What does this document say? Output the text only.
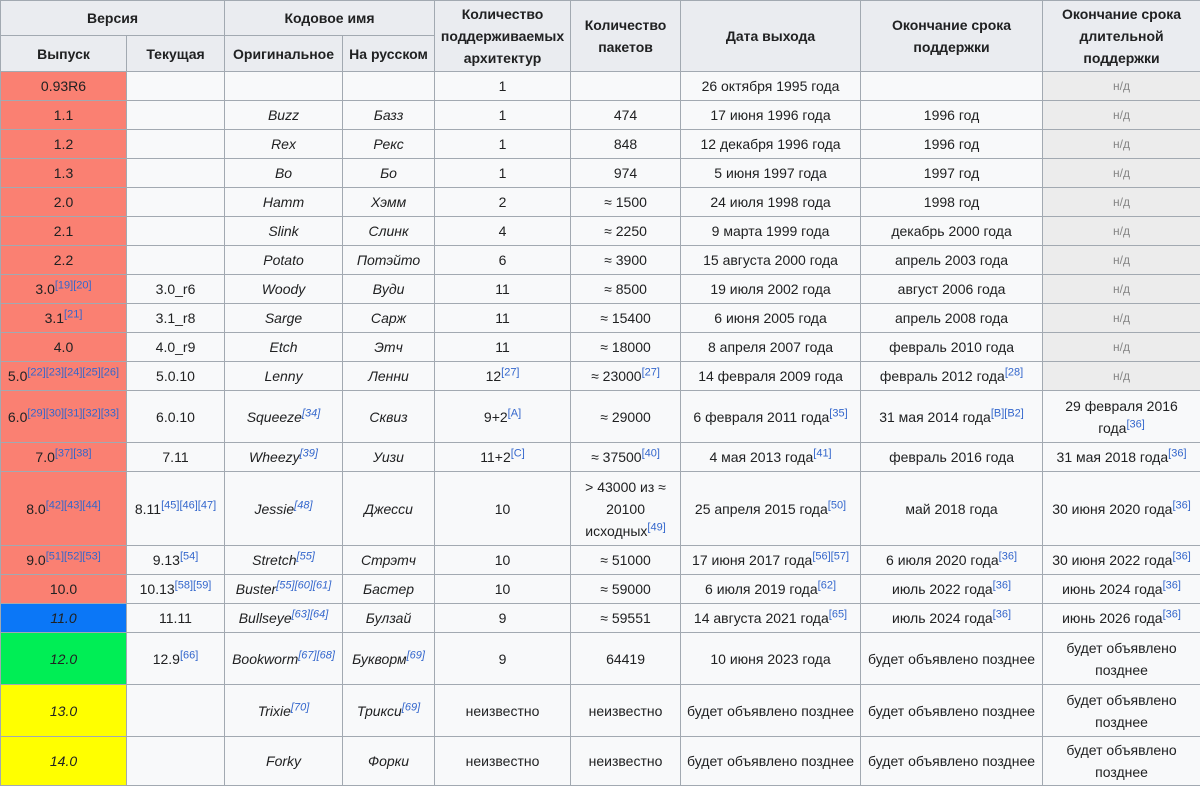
Версия		Кодовое имя		Количество поддерживаемых архитектур	Количество пакетов	Дата выхода	Окончание срока поддержки	Окончание срока длительной поддержки
Выпуск	Текущая	Оригинальное	На русском					
0.93R6				1		26 октября 1995 года		н/д
1.1		Buzz	Базз	1	474	17 июня 1996 года	1996 год	н/д
1.2		Rex	Рекс	1	848	12 декабря 1996 года	1996 год	н/д
1.3		Bo	Бо	1	974	5 июня 1997 года	1997 год	н/д
2.0		Hamm	Хэмм	2	≈ 1500	24 июля 1998 года	1998 год	н/д
2.1		Slink	Слинк	4	≈ 2250	9 марта 1999 года	декабрь 2000 года	н/д
2.2		Potato	Потэйто	6	≈ 3900	15 августа 2000 года	апрель 2003 года	н/д
3.0[19][20]	3.0_r6	Woody	Вуди	11	≈ 8500	19 июля 2002 года	август 2006 года	н/д
3.1[21]	3.1_r8	Sarge	Сарж	11	≈ 15400	6 июня 2005 года	апрель 2008 года	н/д
4.0	4.0_r9	Etch	Этч	11	≈ 18000	8 апреля 2007 года	февраль 2010 года	н/д
5.0[22][23][24][25][26]	5.0.10	Lenny	Ленни	12[27]	≈ 23000[27]	14 февраля 2009 года	февраль 2012 года[28]	н/д
6.0[29][30][31][32][33]	6.0.10	Squeeze[34]	Сквиз	9+2[A]	≈ 29000	6 февраля 2011 года[35]	31 мая 2014 года[B][B2]	29 февраля 2016 года[36]
7.0[37][38]	7.11	Wheezy[39]	Уизи	11+2[C]	≈ 37500[40]	4 мая 2013 года[41]	февраль 2016 года	31 мая 2018 года[36]
8.0[42][43][44]	8.11[45][46][47]	Jessie[48]	Джесси	10	> 43000 из ≈ 20100 исходных[49]	25 апреля 2015 года[50]	май 2018 года	30 июня 2020 года[36]
9.0[51][52][53]	9.13[54]	Stretch[55]	Стрэтч	10	≈ 51000	17 июня 2017 года[56][57]	6 июля 2020 года[36]	30 июня 2022 года[36]
10.0	10.13[58][59]	Buster[55][60][61]	Бастер	10	≈ 59000	6 июля 2019 года[62]	июль 2022 года[36]	июнь 2024 года[36]
11.0	11.11	Bullseye[63][64]	Булзай	9	≈ 59551	14 августа 2021 года[65]	июль 2024 года[36]	июнь 2026 года[36]
12.0	12.9[66]	Bookworm[67][68]	Букворм[69]	9	64419	10 июня 2023 года	будет объявлено позднее	будет объявлено позднее
13.0		Trixie[70]	Трикси[69]	неизвестно	неизвестно	будет объявлено позднее	будет объявлено позднее	будет объявлено позднее
14.0		Forky	Форки	неизвестно	неизвестно	будет объявлено позднее	будет объявлено позднее	будет объявлено позднее
